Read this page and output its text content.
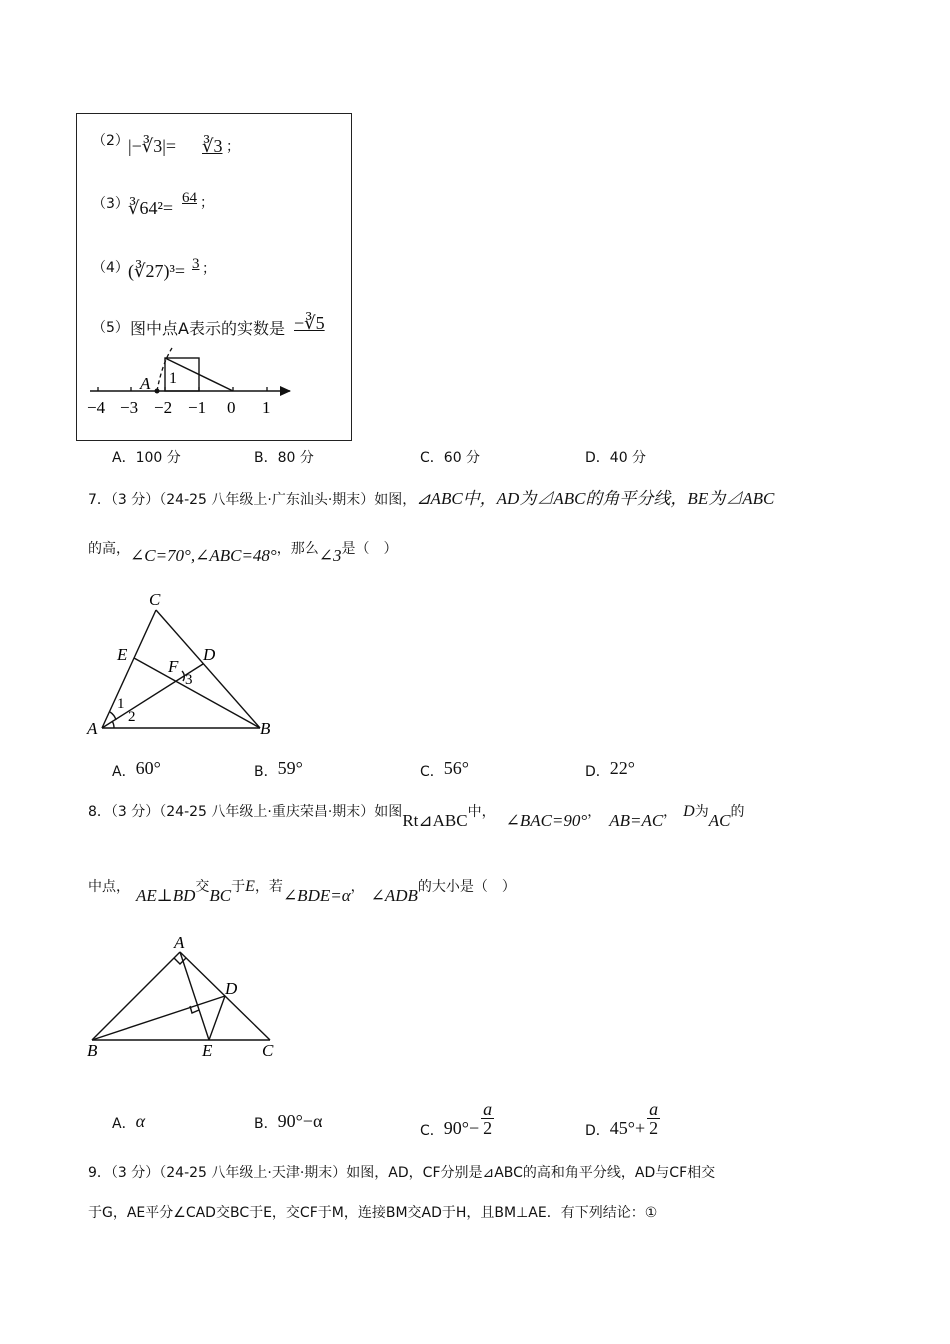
（2） |−∛3|= ∛3 ；
（3） ∛64²= 64 ；
（4） (∛27)³= 3 ；
（5） 图中点A表示的实数是 −∛5
A 1
−4 −3 −2 −1 0 1
A．100 分	B．80 分	C．60 分	D．40 分
7．（3 分）（24-25 八年级上·广东汕头·期末）如图，⊿ABC中，AD为⊿ABC的角平分线，BE为⊿ABC
的高，∠C=70°,∠ABC=48°，那么∠3是（　）
C
E	D
F
A	B
1
2
3
A．60°	B．59°	C．56°	D．22°
8．（3 分）（24-25 八年级上·重庆荣昌·期末）如图Rt⊿ABC中， ∠BAC=90°， AB=AC， D为AC的
中点， AE⊥BD交BC于E，若∠BDE=α， ∠ADB的大小是（　）
A
B	C
D
E
A．α	B．90°−α	C．$90^\circ- \frac{a}{2}$	D．$45^\circ+ \frac{a}{2}$
9．（3 分）（24-25 八年级上·天津·期末）如图，AD，CF分别是⊿ABC的高和角平分线，AD与CF相交
于G，AE平分∠CAD交BC于E，交CF于M，连接BM交AD于H，且BM⊥AE．有下列结论：①
